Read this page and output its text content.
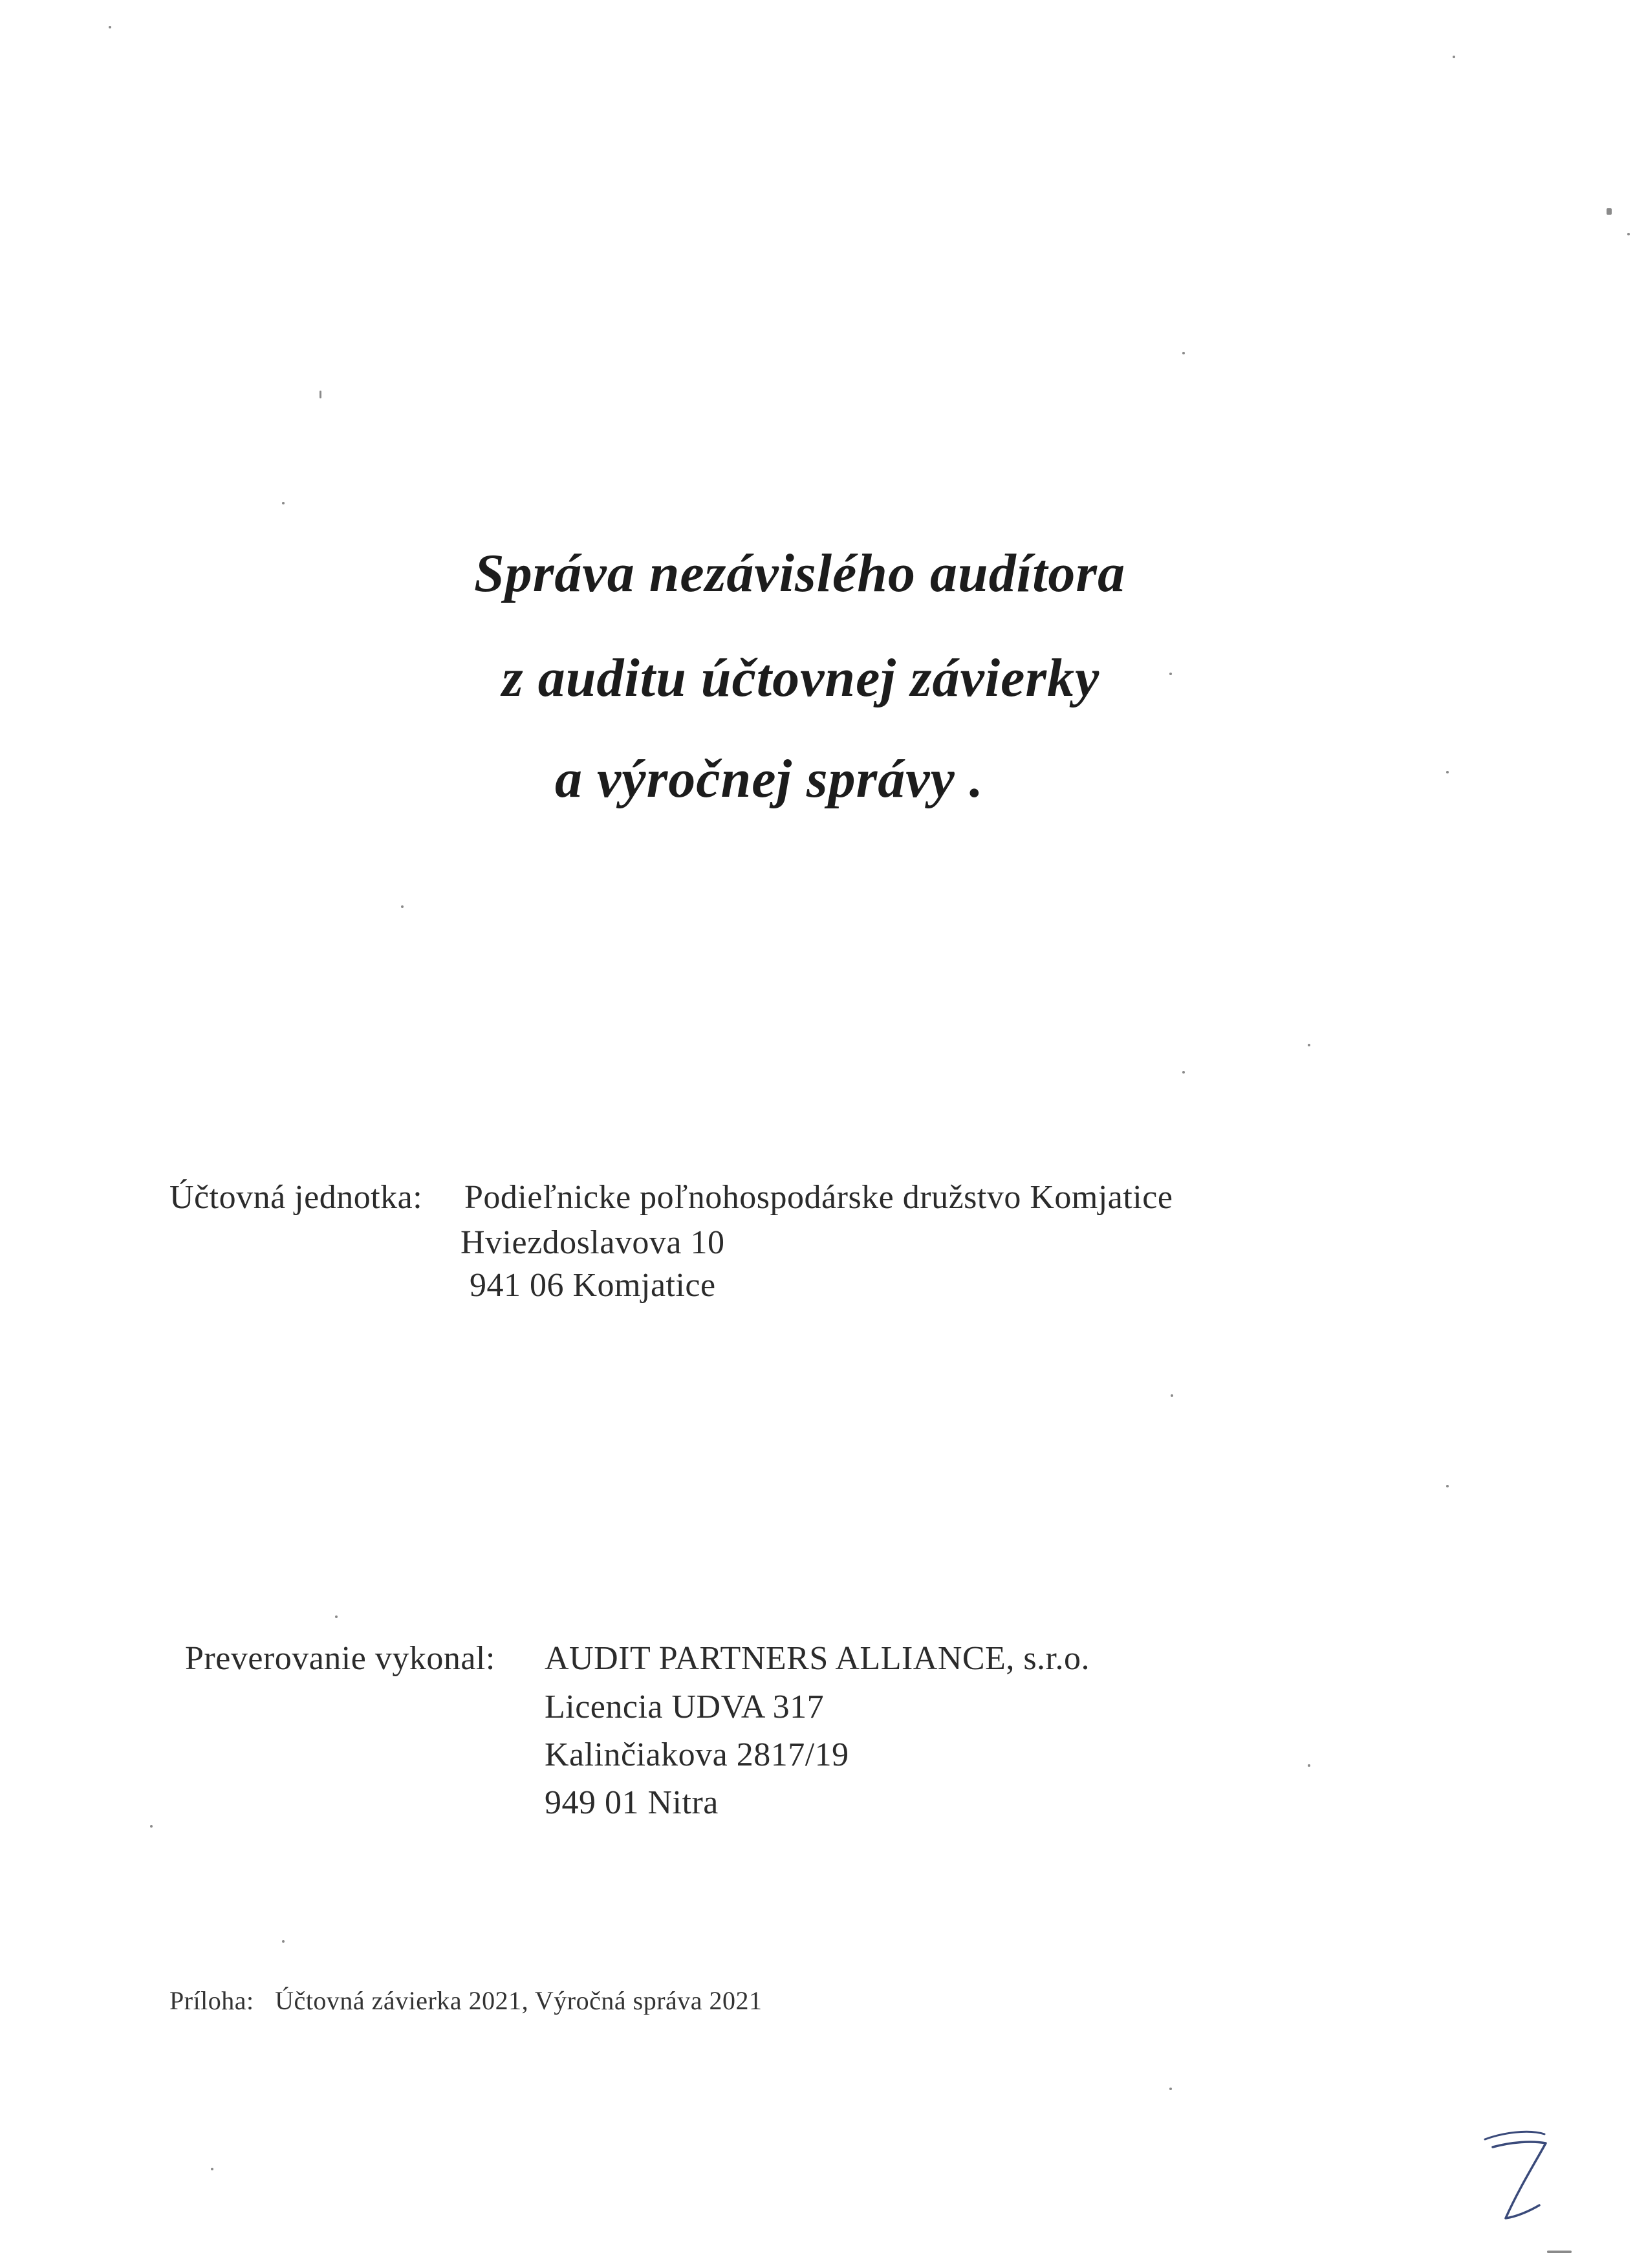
Správa nezávislého audítora
z auditu účtovnej závierky
a výročnej správy .
Účtovná jednotka: Podieľnicke poľnohospodárske družstvo Komjatice
Hviezdoslavova 10
941 06 Komjatice
Preverovanie vykonal: AUDIT PARTNERS ALLIANCE, s.r.o.
Licencia UDVA 317
Kalinčiakova 2817/19
949 01 Nitra
Príloha: Účtovná závierka 2021, Výročná správa 2021
